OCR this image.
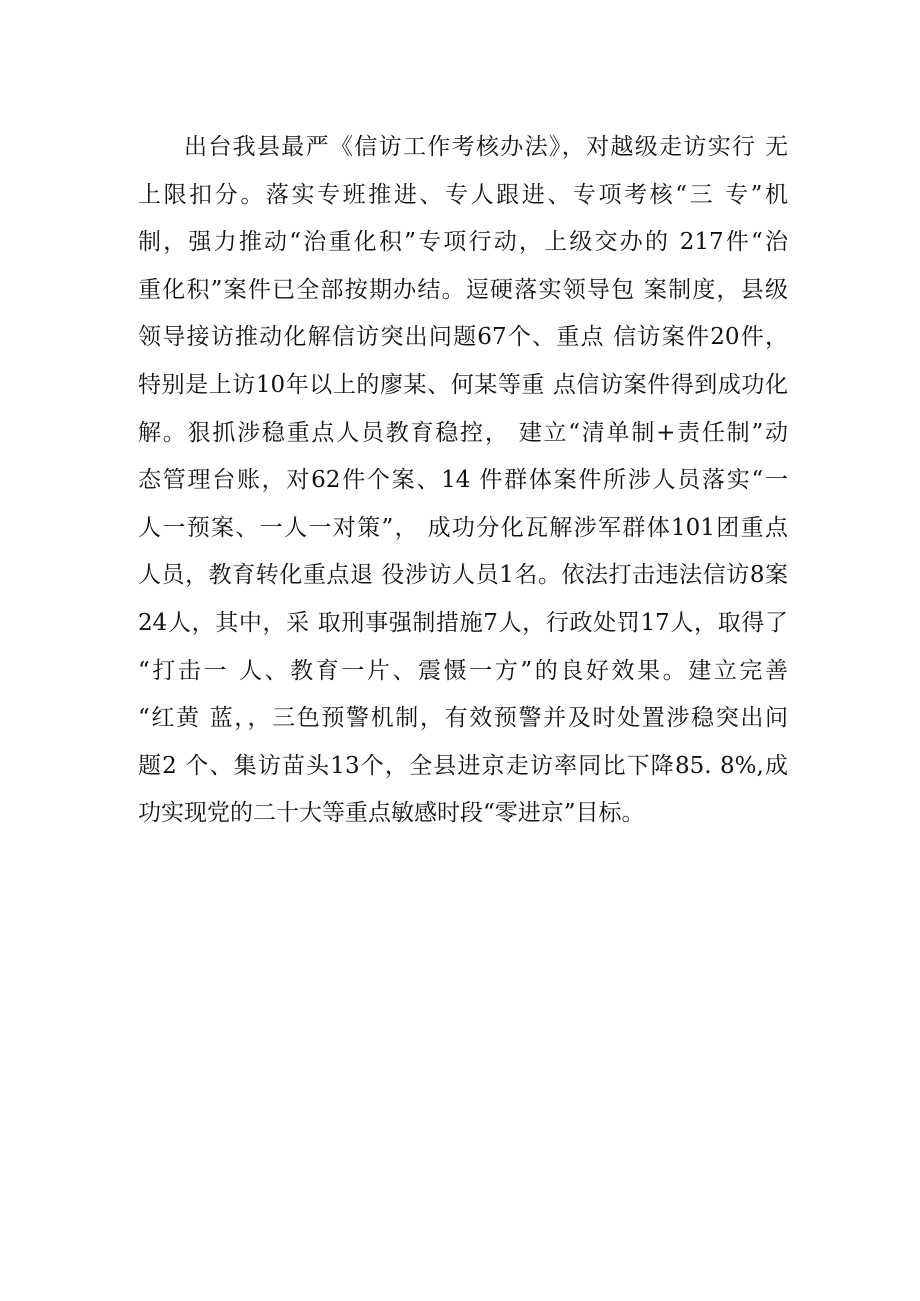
出台我县最严《信访工作考核办法》，对越级走访实行 无
上限扣分。落实专班推进、专人跟进、专项考核“三 专”机
制，强力推动“治重化积”专项行动，上级交办的 217件“治
重化积”案件已全部按期办结。逗硬落实领导包 案制度，县级
领导接访推动化解信访突出问题67个、重点 信访案件20件，
特别是上访10年以上的廖某、何某等重 点信访案件得到成功化
解。狠抓涉稳重点人员教育稳控， 建立“清单制+责任制”动
态管理台账，对62件个案、14 件群体案件所涉人员落实“一
人一预案、一人一对策”， 成功分化瓦解涉军群体101团重点
人员，教育转化重点退 役涉访人员1名。依法打击违法信访8案
24人，其中，采 取刑事强制措施7人，行政处罚17人，取得了
“打击一 人、教育一片、震慑一方”的良好效果。建立完善
“红黄 蓝，，三色预警机制，有效预警并及时处置涉稳突出问
题2 个、集访苗头13个，全县进京走访率同比下降85. 8%,成
功实现党的二十大等重点敏感时段“零进京”目标。
